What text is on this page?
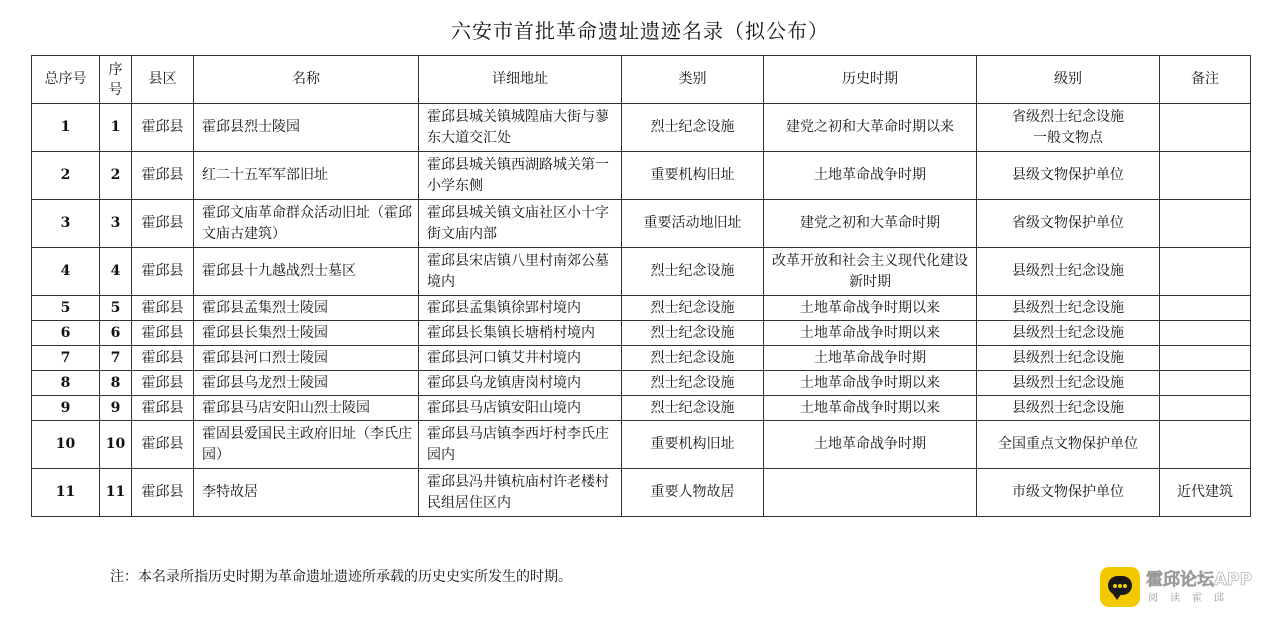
六安市首批革命遗址遗迹名录（拟公布）
总序号	序号	县区	名称	详细地址	类别	历史时期	级别	备注
1	1	霍邱县	霍邱县烈士陵园	霍邱县城关镇城隍庙大街与蓼东大道交汇处	烈士纪念设施	建党之初和大革命时期以来	省级烈士纪念设施
一般文物点	
2	2	霍邱县	红二十五军军部旧址	霍邱县城关镇西湖路城关第一小学东侧	重要机构旧址	土地革命战争时期	县级文物保护单位	
3	3	霍邱县	霍邱文庙革命群众活动旧址（霍邱文庙古建筑）	霍邱县城关镇文庙社区小十字街文庙内部	重要活动地旧址	建党之初和大革命时期	省级文物保护单位	
4	4	霍邱县	霍邱县十九越战烈士墓区	霍邱县宋店镇八里村南郊公墓境内	烈士纪念设施	改革开放和社会主义现代化建设新时期	县级烈士纪念设施	
5	5	霍邱县	霍邱县孟集烈士陵园	霍邱县孟集镇徐郢村境内	烈士纪念设施	土地革命战争时期以来	县级烈士纪念设施	
6	6	霍邱县	霍邱县长集烈士陵园	霍邱县长集镇长塘梢村境内	烈士纪念设施	土地革命战争时期以来	县级烈士纪念设施	
7	7	霍邱县	霍邱县河口烈士陵园	霍邱县河口镇艾井村境内	烈士纪念设施	土地革命战争时期	县级烈士纪念设施	
8	8	霍邱县	霍邱县乌龙烈士陵园	霍邱县乌龙镇唐岗村境内	烈士纪念设施	土地革命战争时期以来	县级烈士纪念设施	
9	9	霍邱县	霍邱县马店安阳山烈士陵园	霍邱县马店镇安阳山境内	烈士纪念设施	土地革命战争时期以来	县级烈士纪念设施	
10	10	霍邱县	霍固县爱国民主政府旧址（李氏庄园）	霍邱县马店镇李西圩村李氏庄园内	重要机构旧址	土地革命战争时期	全国重点文物保护单位	
11	11	霍邱县	李特故居	霍邱县冯井镇杭庙村许老楼村民组居住区内	重要人物故居		市级文物保护单位	近代建筑
注：本名录所指历史时期为革命遗址遗迹所承载的历史史实所发生的时期。	霍邱论坛APP
阅读霍邱
